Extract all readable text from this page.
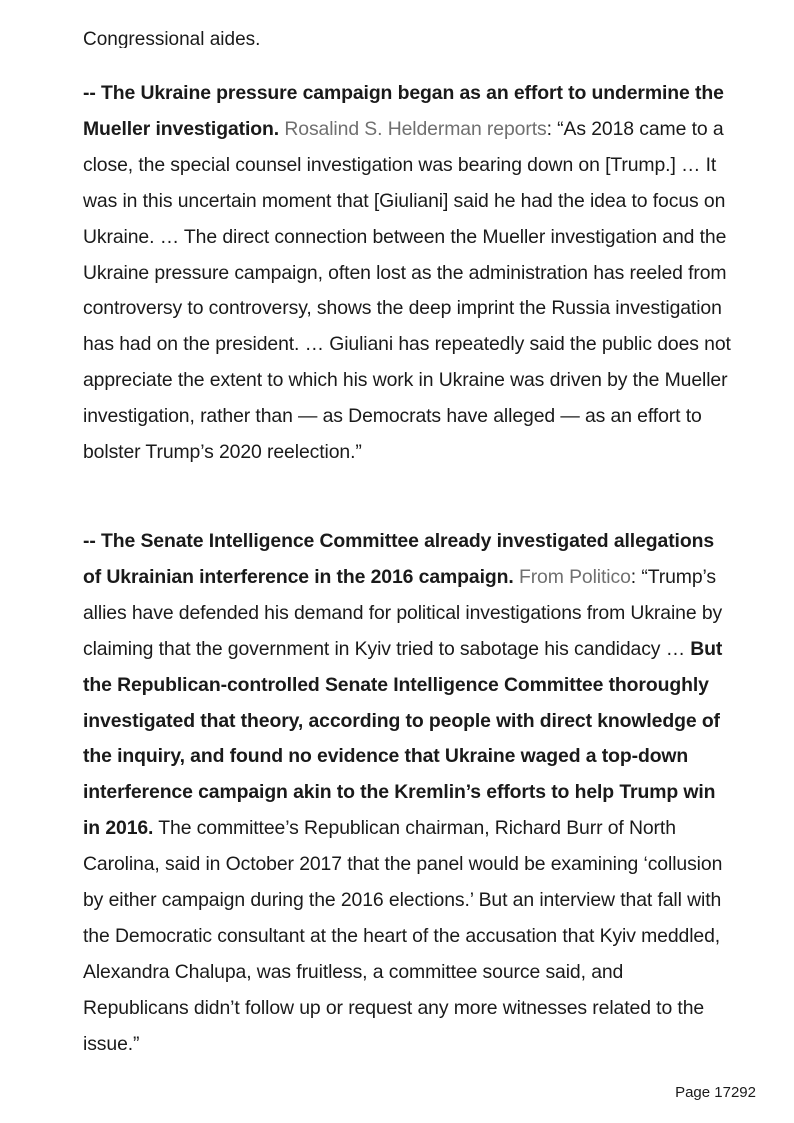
Congressional aides.

-- The Ukraine pressure campaign began as an effort to undermine the Mueller investigation. Rosalind S. Helderman reports: “As 2018 came to a close, the special counsel investigation was bearing down on [Trump.] … It was in this uncertain moment that [Giuliani] said he had the idea to focus on Ukraine. … The direct connection between the Mueller investigation and the Ukraine pressure campaign, often lost as the administration has reeled from controversy to controversy, shows the deep imprint the Russia investigation has had on the president. … Giuliani has repeatedly said the public does not appreciate the extent to which his work in Ukraine was driven by the Mueller investigation, rather than — as Democrats have alleged — as an effort to bolster Trump’s 2020 reelection.”

-- The Senate Intelligence Committee already investigated allegations of Ukrainian interference in the 2016 campaign. From Politico: “Trump’s allies have defended his demand for political investigations from Ukraine by claiming that the government in Kyiv tried to sabotage his candidacy … But the Republican-controlled Senate Intelligence Committee thoroughly investigated that theory, according to people with direct knowledge of the inquiry, and found no evidence that Ukraine waged a top-down interference campaign akin to the Kremlin’s efforts to help Trump win in 2016. The committee’s Republican chairman, Richard Burr of North Carolina, said in October 2017 that the panel would be examining ‘collusion by either campaign during the 2016 elections.’ But an interview that fall with the Democratic consultant at the heart of the accusation that Kyiv meddled, Alexandra Chalupa, was fruitless, a committee source said, and Republicans didn’t follow up or request any more witnesses related to the issue.”

Page 17292
